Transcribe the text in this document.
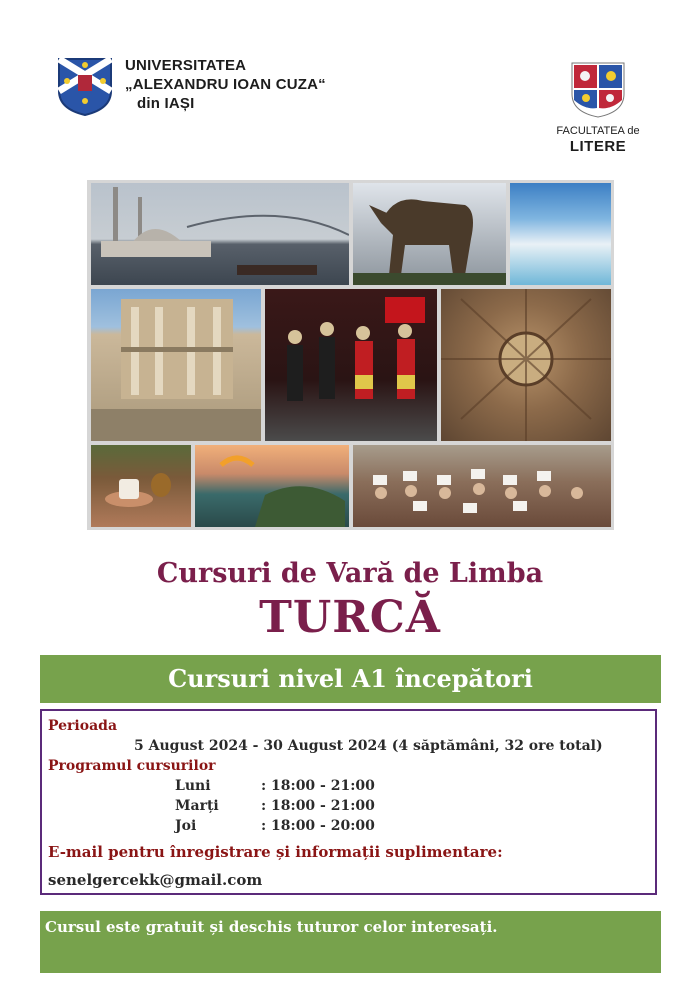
UNIVERSITATEA
„ALEXANDRU IOAN CUZA“
din IAȘI
FACULTATEA de
LITERE
Cursuri de Vară de Limba
TURCĂ
Cursuri nivel A1 începători
Perioada
5 August 2024 - 30 August 2024 (4 săptămâni, 32 ore total)
Programul cursurilor
Luni	: 18:00 - 21:00
Marți	: 18:00 - 21:00
Joi	: 18:00 - 20:00
E-mail pentru înregistrare și informații suplimentare:
senelgercekk@gmail.com
Cursul este gratuit și deschis tuturor celor interesați.
